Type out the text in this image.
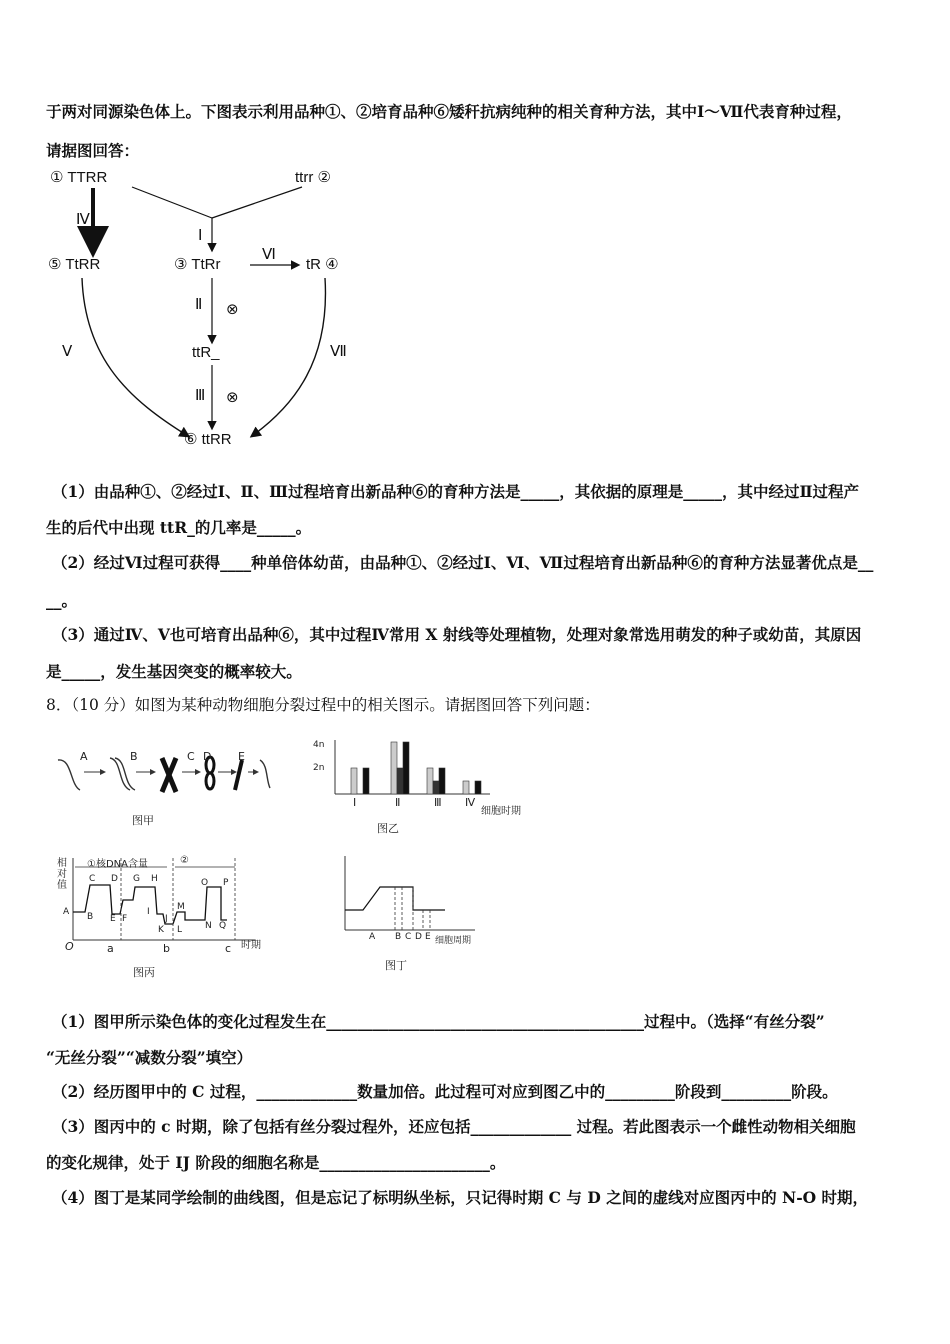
于两对同源染色体上。下图表示利用品种①、②培育品种⑥矮秆抗病纯种的相关育种方法，其中Ⅰ～Ⅶ代表育种过程，
请据图回答：
① TTRR	ttrr ②
Ⅰ
Ⅳ
⑤ TtRR	③ TtRr
Ⅵ
tR ④
Ⅱ ⊗
Ⅴ	ttR_	Ⅶ
Ⅲ ⊗
⑥ ttRR
（1）由品种①、②经过Ⅰ、Ⅱ、Ⅲ过程培育出新品种⑥的育种方法是_____，其依据的原理是_____，其中经过Ⅱ过程产
生的后代中出现 ttR_的几率是_____。
（2）经过Ⅵ过程可获得____种单倍体幼苗，由品种①、②经过Ⅰ、Ⅵ、Ⅶ过程培育出新品种⑥的育种方法显著优点是__
__。
（3）通过Ⅳ、Ⅴ也可培育出品种⑥，其中过程Ⅳ常用 X 射线等处理植物，处理对象常选用萌发的种子或幼苗，其原因
是_____，发生基因突变的概率较大。
8．（10 分）如图为某种动物细胞分裂过程中的相关图示。请据图回答下列问题：
A	B	C D E
图甲
4n
2n
Ⅰ	Ⅱ	Ⅲ Ⅳ
细胞时期
图乙
相对值
①核DNA含量	②
O	a	b	c 时期
A B
C D
E F
G H
I
J
K L
M
N
O P
Q
图丙
A B C D E 细胞周期
图丁
（1）图甲所示染色体的变化过程发生在_________________________________________过程中。（选择“有丝分裂”
“无丝分裂”“减数分裂”填空）
（2）经历图甲中的 C 过程，_____________数量加倍。此过程可对应到图乙中的_________阶段到_________阶段。
（3）图丙中的 c 时期，除了包括有丝分裂过程外，还应包括_____________ 过程。若此图表示一个雌性动物相关细胞
的变化规律，处于 IJ 阶段的细胞名称是______________________。
（4）图丁是某同学绘制的曲线图，但是忘记了标明纵坐标，只记得时期 C 与 D 之间的虚线对应图丙中的 N-O 时期，
